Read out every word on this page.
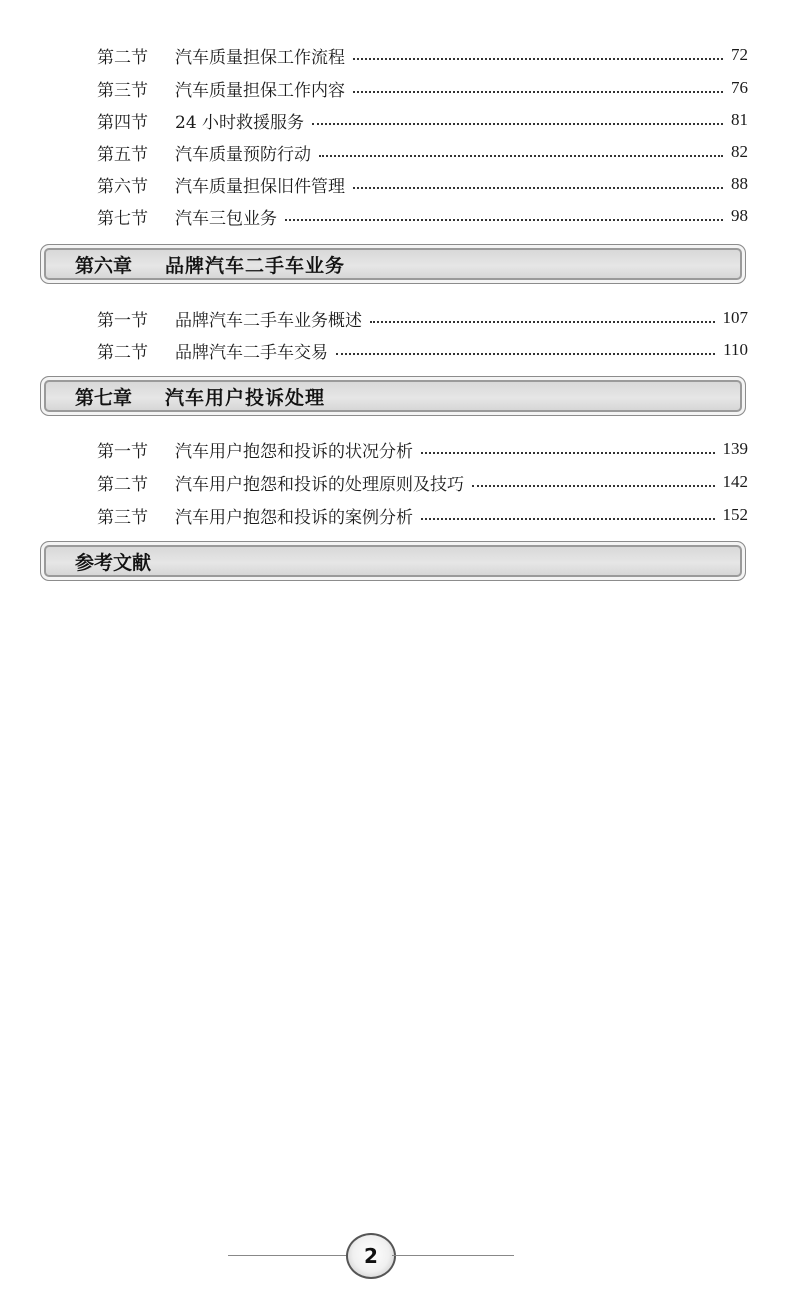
第二节	汽车质量担保工作流程	72
第三节	汽车质量担保工作内容	76
第四节	24 小时救援服务	81
第五节	汽车质量预防行动	82
第六节	汽车质量担保旧件管理	88
第七节	汽车三包业务	98
第六章	品牌汽车二手车业务
第一节	品牌汽车二手车业务概述	107
第二节	品牌汽车二手车交易	110
第七章	汽车用户投诉处理
第一节	汽车用户抱怨和投诉的状况分析	139
第二节	汽车用户抱怨和投诉的处理原则及技巧	142
第三节	汽车用户抱怨和投诉的案例分析	152
参考文献
2
